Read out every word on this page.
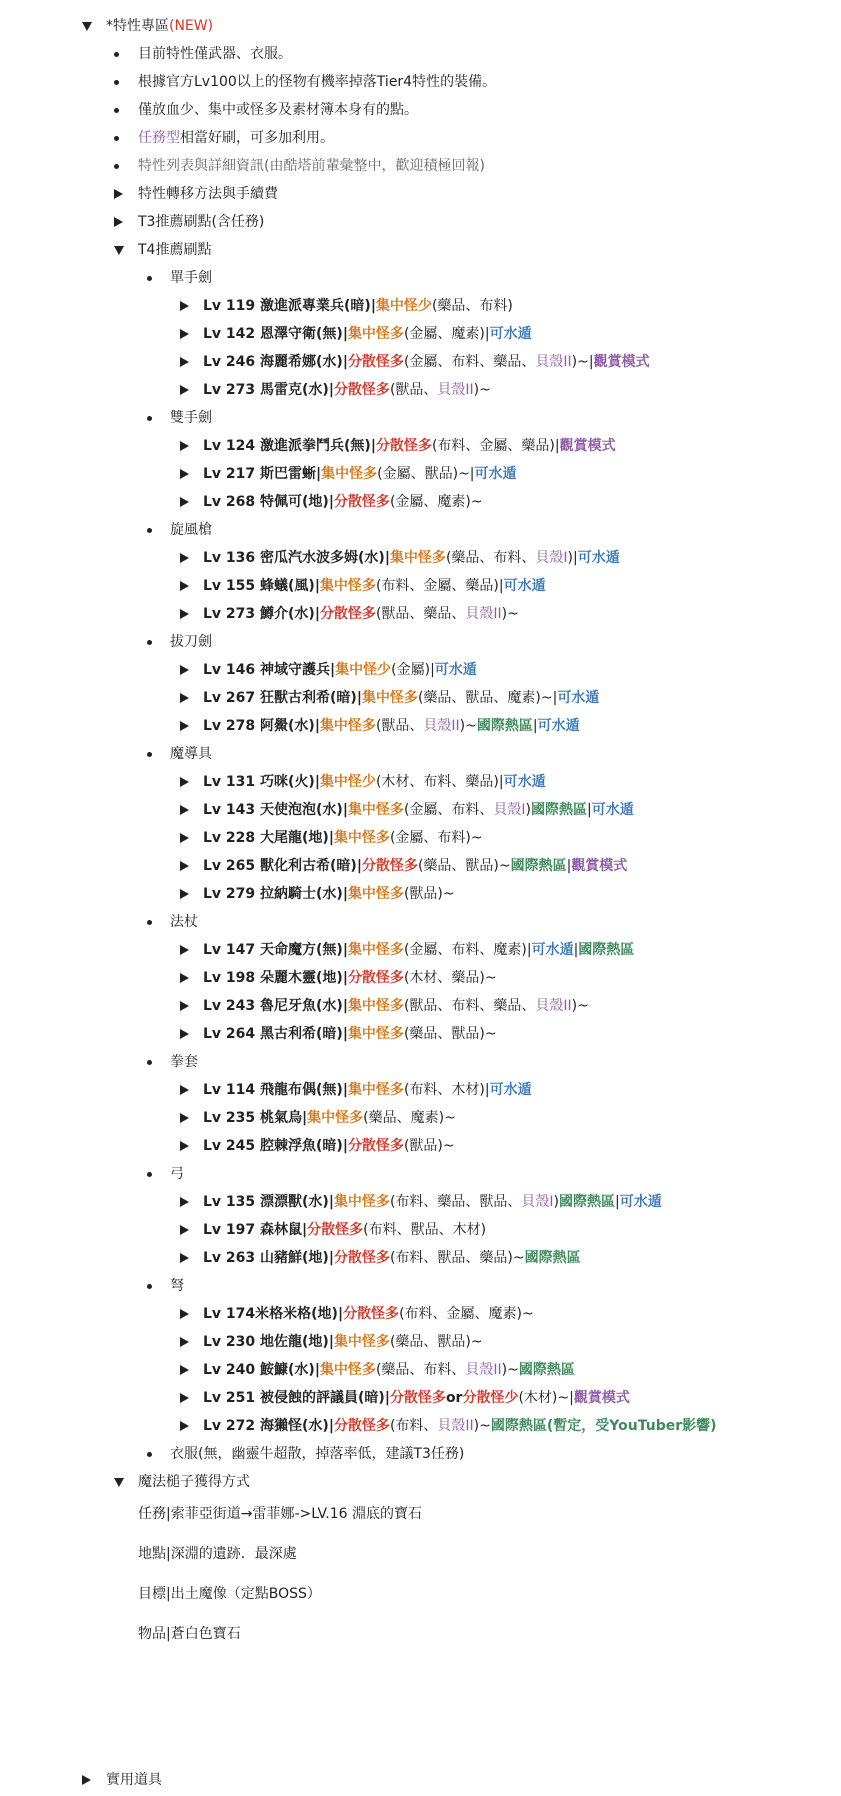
*特性專區(NEW)
目前特性僅武器、衣服。
根據官方Lv100以上的怪物有機率掉落Tier4特性的裝備。
僅放血少、集中或怪多及素材簿本身有的點。
任務型相當好刷，可多加利用。
特性列表與詳細資訊(由酷塔前輩彙整中，歡迎積極回報)
特性轉移方法與手續費
T3推薦刷點(含任務)
T4推薦刷點
單手劍
Lv 119 激進派專業兵(暗)|集中怪少(藥品、布料)
Lv 142 恩澤守衛(無)|集中怪多(金屬、魔素)|可水遁
Lv 246 海麗希娜(水)|分散怪多(金屬、布料、藥品、貝殼II)~|觀賞模式
Lv 273 馬雷克(水)|分散怪多(獸品、貝殼II)~
雙手劍
Lv 124 激進派拳鬥兵(無)|分散怪多(布料、金屬、藥品)|觀賞模式
Lv 217 斯巴雷蜥|集中怪多(金屬、獸品)~|可水遁
Lv 268 特佩可(地)|分散怪多(金屬、魔素)~
旋風槍
Lv 136 密瓜汽水波多姆(水)|集中怪多(藥品、布料、貝殼I)|可水遁
Lv 155 蜂蟻(風)|集中怪多(布料、金屬、藥品)|可水遁
Lv 273 鱒介(水)|分散怪多(獸品、藥品、貝殼II)~
拔刀劍
Lv 146 神域守護兵|集中怪少(金屬)|可水遁
Lv 267 狂獸古利希(暗)|集中怪多(藥品、獸品、魔素)~|可水遁
Lv 278 阿鱟(水)|集中怪多(獸品、貝殼II)~國際熱區|可水遁
魔導具
Lv 131 巧咪(火)|集中怪少(木材、布料、藥品)|可水遁
Lv 143 天使泡泡(水)|集中怪多(金屬、布料、貝殼I)國際熱區|可水遁
Lv 228 大尾龍(地)|集中怪多(金屬、布料)~
Lv 265 獸化利古希(暗)|分散怪多(藥品、獸品)~國際熱區|觀賞模式
Lv 279 拉納騎士(水)|集中怪多(獸品)~
法杖
Lv 147 天命魔方(無)|集中怪多(金屬、布料、魔素)|可水遁|國際熱區
Lv 198 朵麗木靈(地)|分散怪多(木材、藥品)~
Lv 243 魯尼牙魚(水)|集中怪多(獸品、布料、藥品、貝殼II)~
Lv 264 黑古利希(暗)|集中怪多(藥品、獸品)~
拳套
Lv 114 飛龍布偶(無)|集中怪多(布料、木材)|可水遁
Lv 235 桃氣烏|集中怪多(藥品、魔素)~
Lv 245 腔棘浮魚(暗)|分散怪多(獸品)~
弓
Lv 135 漂漂獸(水)|集中怪多(布料、藥品、獸品、貝殼I)國際熱區|可水遁
Lv 197 森林鼠|分散怪多(布料、獸品、木材)
Lv 263 山豬鮮(地)|分散怪多(布料、獸品、藥品)~國際熱區
弩
Lv 174米格米格(地)|分散怪多(布料、金屬、魔素)~
Lv 230 地佐龍(地)|集中怪多(藥品、獸品)~
Lv 240 鮟鱇(水)|集中怪多(藥品、布料、貝殼II)~國際熱區
Lv 251 被侵蝕的評議員(暗)|分散怪多or分散怪少(木材)~|觀賞模式
Lv 272 海獺怪(水)|分散怪多(布料、貝殼II)~國際熱區(暫定，受YouTuber影響)
衣服(無，幽靈牛超散，掉落率低，建議T3任務)
魔法槌子獲得方式
任務|索菲亞街道→雷菲娜->LV.16 淵底的寶石
地點|深淵的遺跡．最深處
目標|出土魔像（定點BOSS）
物品|蒼白色寶石
實用道具
